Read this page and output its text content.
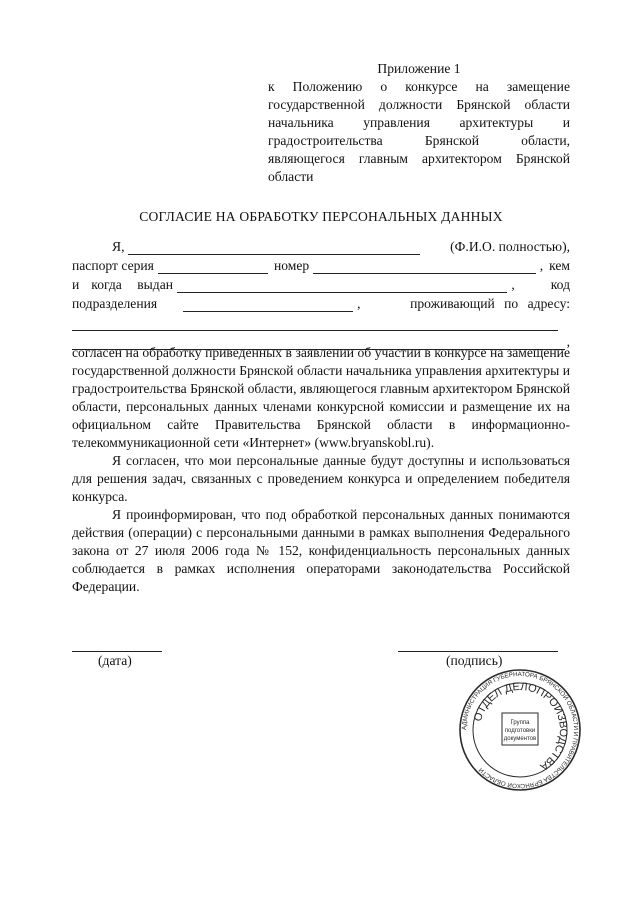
Приложение 1
к Положению о конкурсе на замещение государственной должности Брянской области начальника управления архитектуры и градостроительства Брянской области, являющегося главным архитектором Брянской области
СОГЛАСИЕ НА ОБРАБОТКУ ПЕРСОНАЛЬНЫХ ДАННЫХ
Я,	(Ф.И.О. полностью),
паспорт серия	номер	, кем
и когда выдан	,	код
подразделения	,	проживающий по адресу:
,

согласен на обработку приведенных в заявлении об участии в конкурсе на замещение государственной должности Брянской области начальника управления архитектуры и градостроительства Брянской области, являющегося главным архитектором Брянской области, персональных данных членами конкурсной комиссии и размещение их на официальном сайте Правительства Брянской области в информационно-телекоммуникационной сети «Интернет» (www.bryanskobl.ru).

Я согласен, что мои персональные данные будут доступны и использоваться для решения задач, связанных с проведением конкурса и определением победителя конкурса.

Я проинформирован, что под обработкой персональных данных понимаются действия (операции) с персональными данными в рамках выполнения Федерального закона от 27 июля 2006 года № 152, конфиденциальность персональных данных соблюдается в рамках исполнения операторами законодательства Российской Федерации.

(дата)	(подпись)
АДМИНИСТРАЦИЯ ГУБЕРНАТОРА БРЯНСКОЙ ОБЛАСТИ И ПРАВИТЕЛЬСТВА БРЯНСКОЙ ОБЛАСТИ
ОТДЕЛ ДЕЛОПРОИЗВОДСТВА
Группа
подготовки
документов
